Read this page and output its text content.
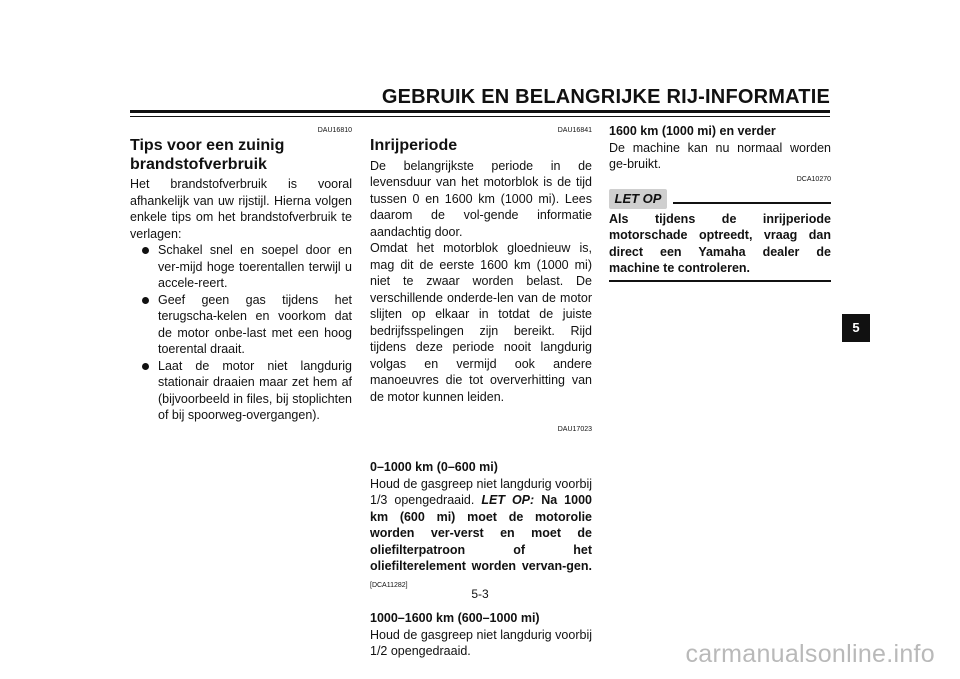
GEBRUIK EN BELANGRIJKE RIJ-INFORMATIE
DAU16810
Tips voor een zuinig brandstofverbruik

Het brandstofverbruik is vooral afhankelijk van uw rijstijl. Hierna volgen enkele tips om het brandstofverbruik te verlagen:

Schakel snel en soepel door en ver-mijd hoge toerentallen terwijl u accele-reert.
Geef geen gas tijdens het terugscha-kelen en voorkom dat de motor onbe-last met een hoog toerental draait.
Laat de motor niet langdurig stationair draaien maar zet hem af (bijvoorbeeld in files, bij stoplichten of bij spoorweg-overgangen).
DAU16841
Inrijperiode

De belangrijkste periode in de levensduur van het motorblok is de tijd tussen 0 en 1600 km (1000 mi). Lees daarom de vol-gende informatie aandachtig door.

Omdat het motorblok gloednieuw is, mag dit de eerste 1600 km (1000 mi) niet te zwaar worden belast. De verschillende onderde-len van de motor slijten op elkaar in totdat de juiste bedrijfsspelingen zijn bereikt. Rijd tijdens deze periode nooit langdurig volgas en vermijd ook andere manoeuvres die tot oververhitting van de motor kunnen leiden.

DAU17023

0–1000 km (0–600 mi)

Houd de gasgreep niet langdurig voorbij 1/3 opengedraaid. LET OP: Na 1000 km (600 mi) moet de motorolie worden ver-verst en moet de oliefilterpatroon of het oliefilterelement worden vervan-gen.[DCA11282]

1000–1600 km (600–1000 mi)

Houd de gasgreep niet langdurig voorbij 1/2 opengedraaid.

1600 km (1000 mi) en verder

De machine kan nu normaal worden ge-bruikt.

DCA10270
LET OP

Als tijdens de inrijperiode motorschade optreedt, vraag dan direct een Yamaha dealer de machine te controleren.

5
5-3
carmanualsonline.info
